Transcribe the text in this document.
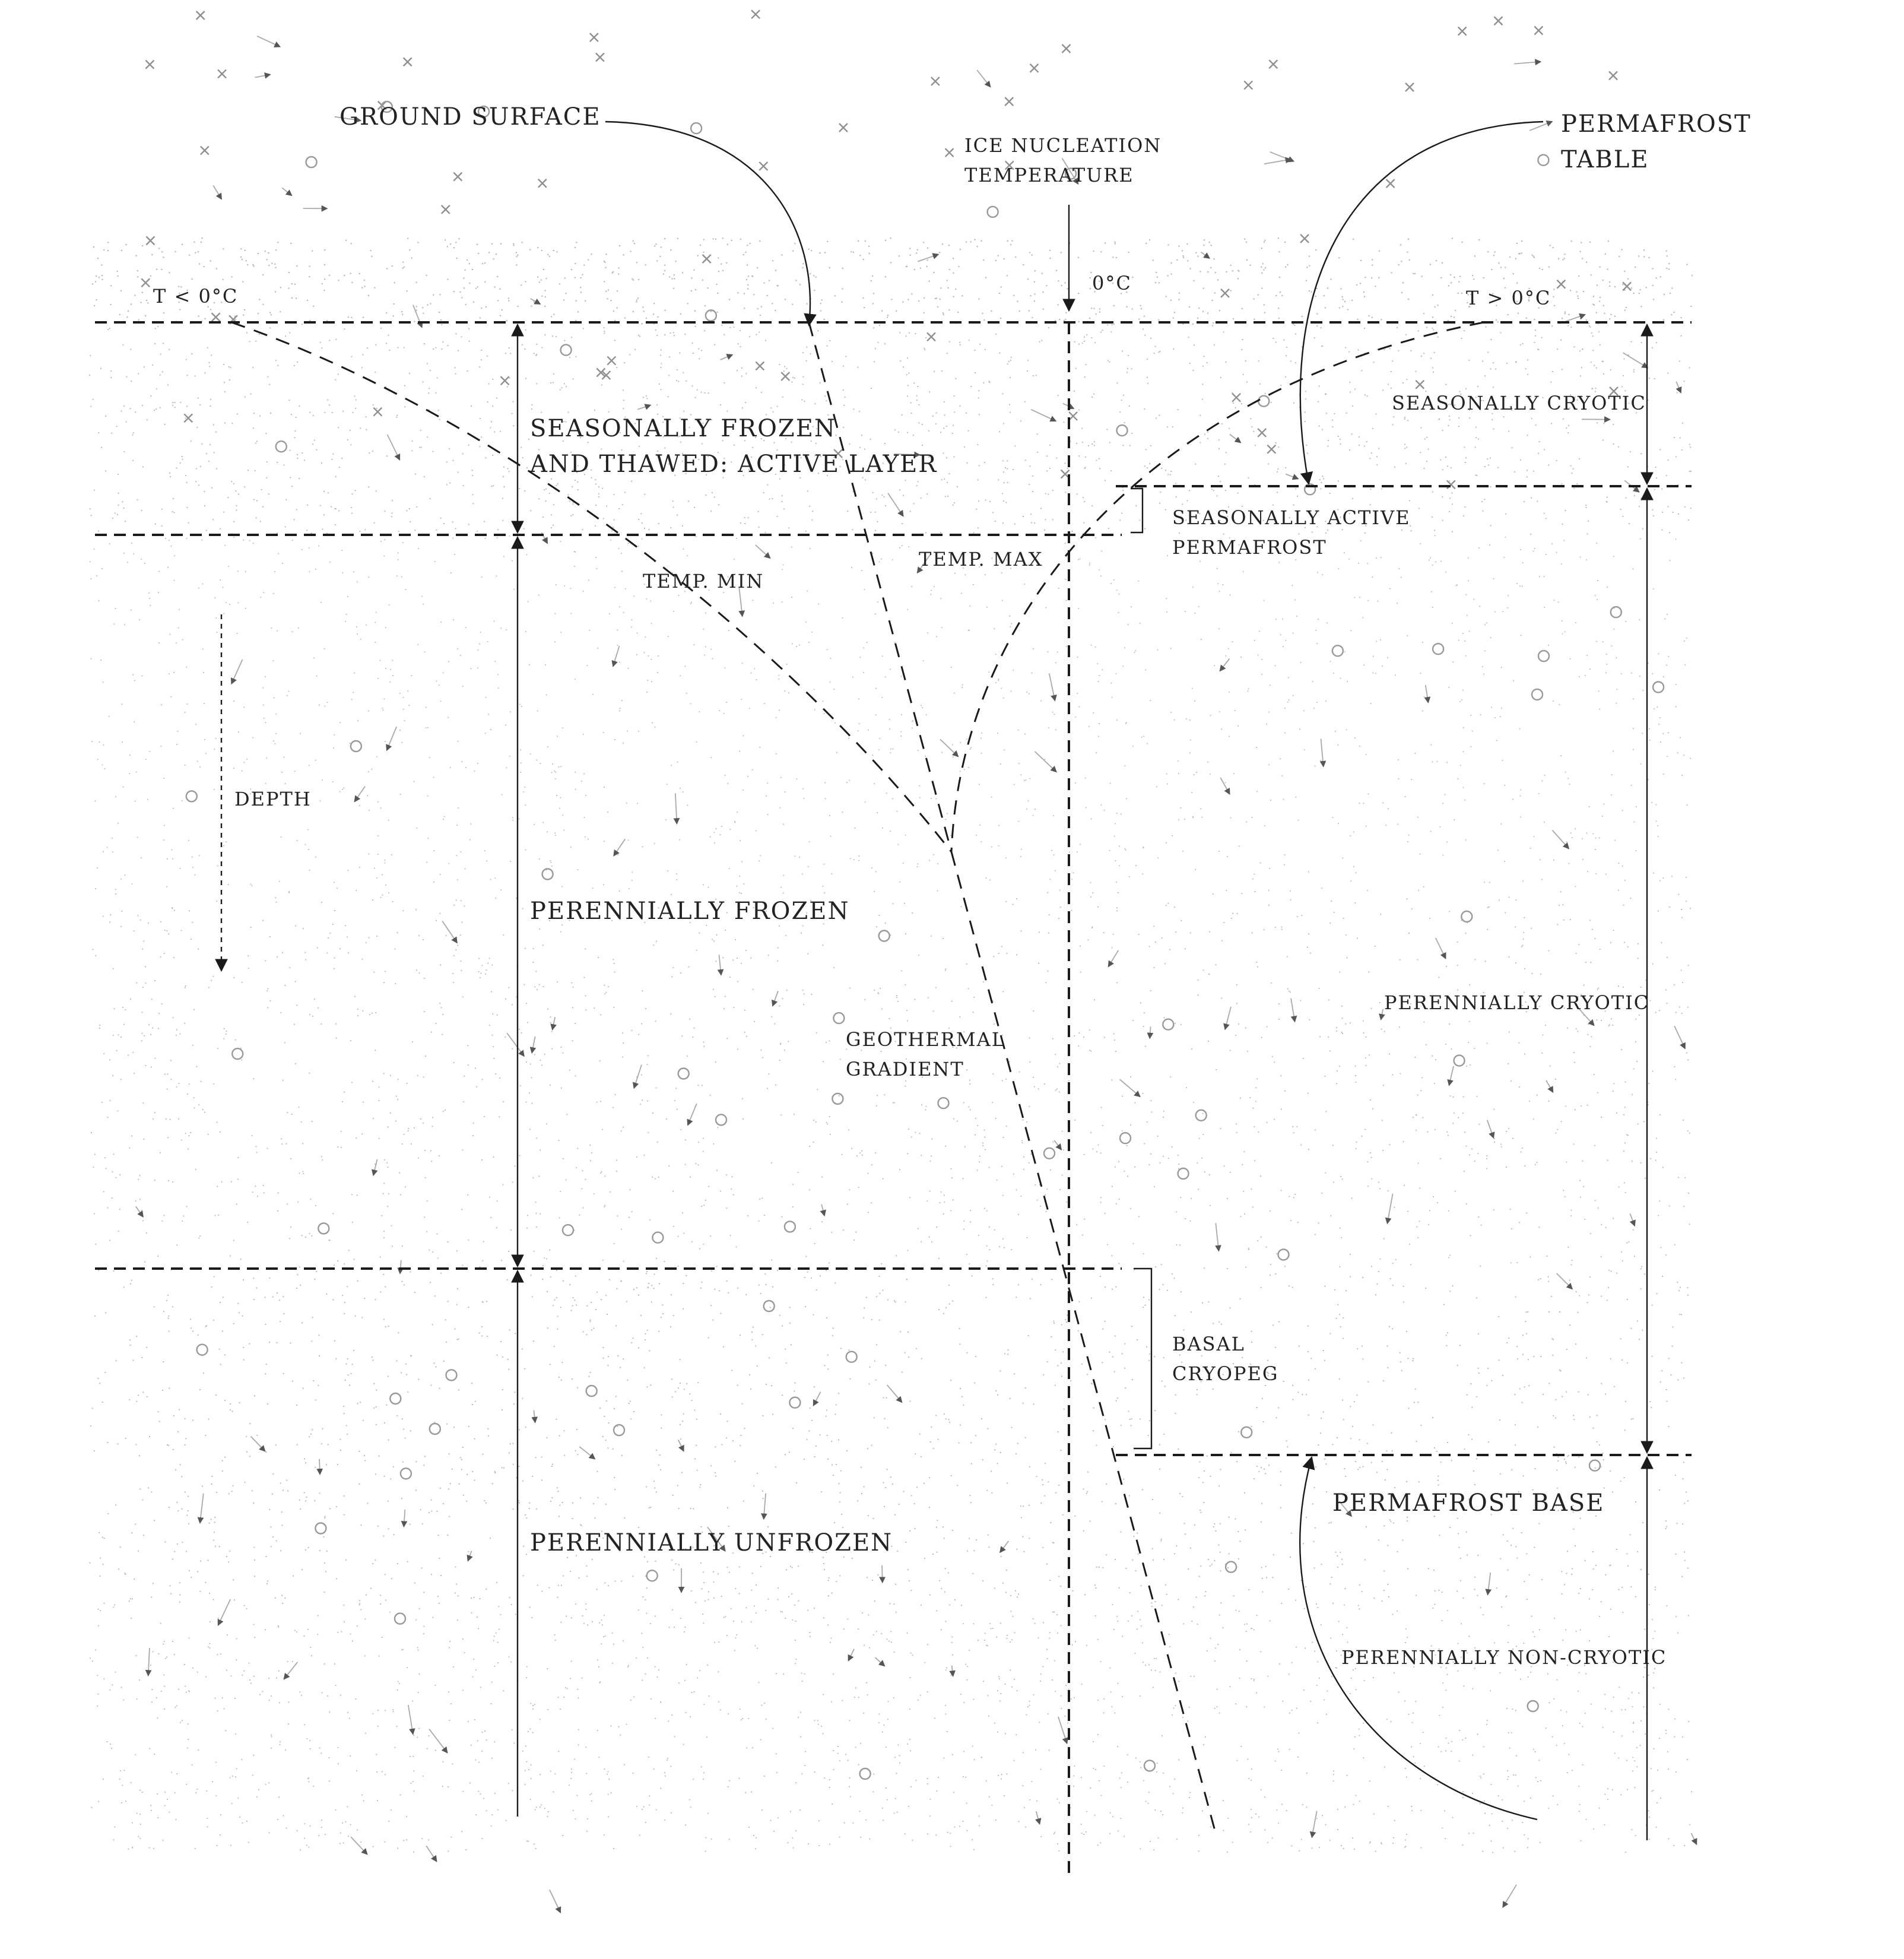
GROUND SURFACE
ICE NUCLEATION
TEMPERATURE
0°C
PERMAFROST
TABLE
T < 0°C	T > 0°C
SEASONALLY FROZEN
AND THAWED: ACTIVE LAYER
SEASONALLY CRYOTIC
SEASONALLY ACTIVE
PERMAFROST
TEMP. MIN
TEMP. MAX
DEPTH
PERENNIALLY FROZEN
PERENNIALLY CRYOTIC
GEOTHERMAL
GRADIENT
BASAL
CRYOPEG
PERMAFROST BASE
PERENNIALLY UNFROZEN
PERENNIALLY NON-CRYOTIC
